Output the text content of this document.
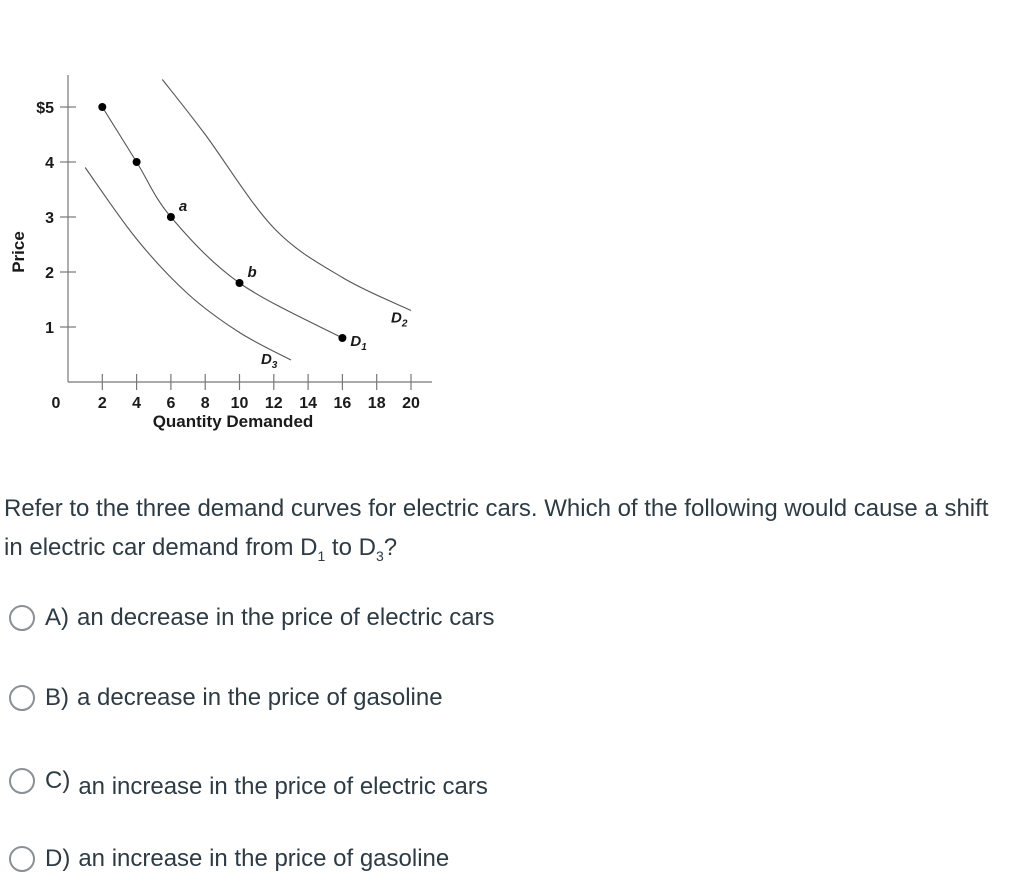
1
2
3
4
$5
0 2 4 6 8 10 12 14 16 18 20
$D_1$
$D_2$
$D_3$
a
b
Quantity Demanded
Price
Refer to the three demand curves for electric cars. Which of the following would cause a shift in electric car demand from $D_1$ to $D_3$?
A) an decrease in the price of electric cars
B) a decrease in the price of gasoline
C) an increase in the price of electric cars
D) an increase in the price of gasoline
